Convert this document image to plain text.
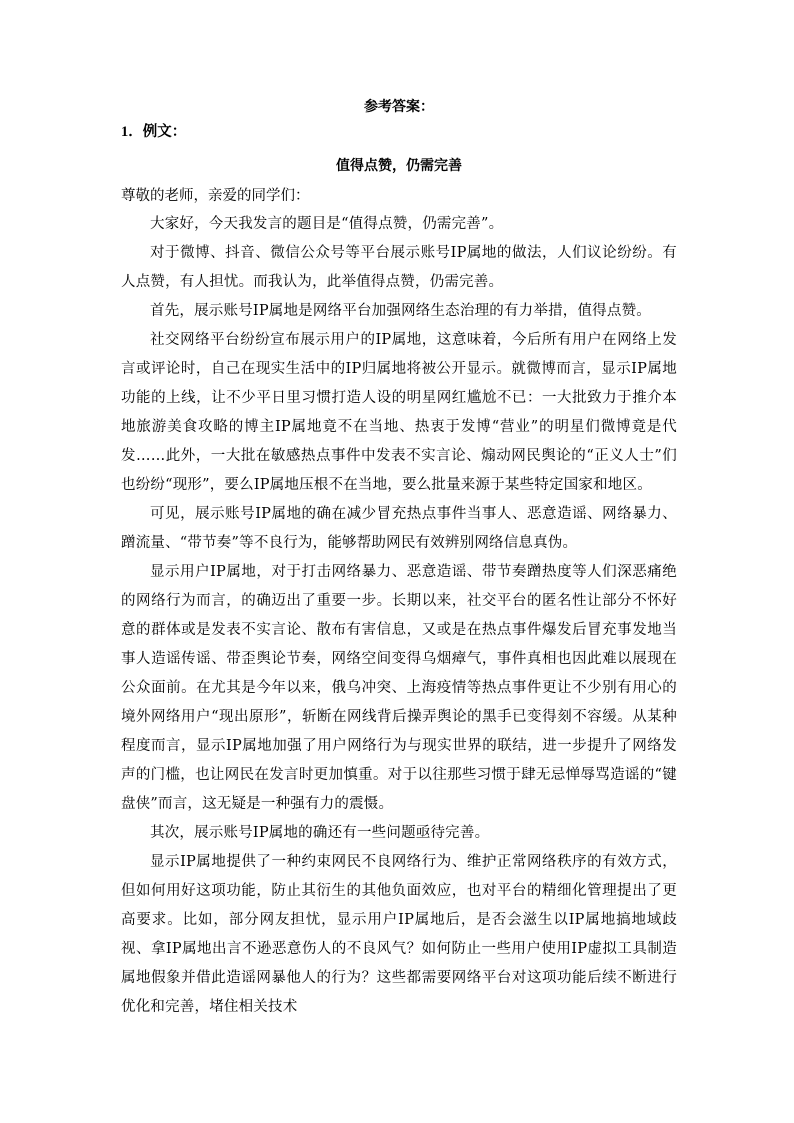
参考答案：

1．例文：

值得点赞，仍需完善

尊敬的老师，亲爱的同学们：

大家好，今天我发言的题目是“值得点赞，仍需完善”。

对于微博、抖音、微信公众号等平台展示账号IP属地的做法，人们议论纷纷。有人点赞，有人担忧。而我认为，此举值得点赞，仍需完善。

首先，展示账号IP属地是网络平台加强网络生态治理的有力举措，值得点赞。

社交网络平台纷纷宣布展示用户的IP属地，这意味着，今后所有用户在网络上发言或评论时，自己在现实生活中的IP归属地将被公开显示。就微博而言，显示IP属地功能的上线，让不少平日里习惯打造人设的明星网红尴尬不已：一大批致力于推介本地旅游美食攻略的博主IP属地竟不在当地、热衷于发博“营业”的明星们微博竟是代发……此外，一大批在敏感热点事件中发表不实言论、煽动网民舆论的“正义人士”们也纷纷“现形”，要么IP属地压根不在当地，要么批量来源于某些特定国家和地区。

可见，展示账号IP属地的确在减少冒充热点事件当事人、恶意造谣、网络暴力、蹭流量、“带节奏”等不良行为，能够帮助网民有效辨别网络信息真伪。

显示用户IP属地，对于打击网络暴力、恶意造谣、带节奏蹭热度等人们深恶痛绝的网络行为而言，的确迈出了重要一步。长期以来，社交平台的匿名性让部分不怀好意的群体或是发表不实言论、散布有害信息，又或是在热点事件爆发后冒充事发地当事人造谣传谣、带歪舆论节奏，网络空间变得乌烟瘴气，事件真相也因此难以展现在公众面前。在尤其是今年以来，俄乌冲突、上海疫情等热点事件更让不少别有用心的境外网络用户“现出原形”，斩断在网线背后操弄舆论的黑手已变得刻不容缓。从某种程度而言，显示IP属地加强了用户网络行为与现实世界的联结，进一步提升了网络发声的门槛，也让网民在发言时更加慎重。对于以往那些习惯于肆无忌惮辱骂造谣的“键盘侠”而言，这无疑是一种强有力的震慑。

其次，展示账号IP属地的确还有一些问题亟待完善。

显示IP属地提供了一种约束网民不良网络行为、维护正常网络秩序的有效方式，但如何用好这项功能，防止其衍生的其他负面效应，也对平台的精细化管理提出了更高要求。比如，部分网友担忧，显示用户IP属地后，是否会滋生以IP属地搞地域歧视、拿IP属地出言不逊恶意伤人的不良风气？如何防止一些用户使用IP虚拟工具制造属地假象并借此造谣网暴他人的行为？这些都需要网络平台对这项功能后续不断进行优化和完善，堵住相关技术
